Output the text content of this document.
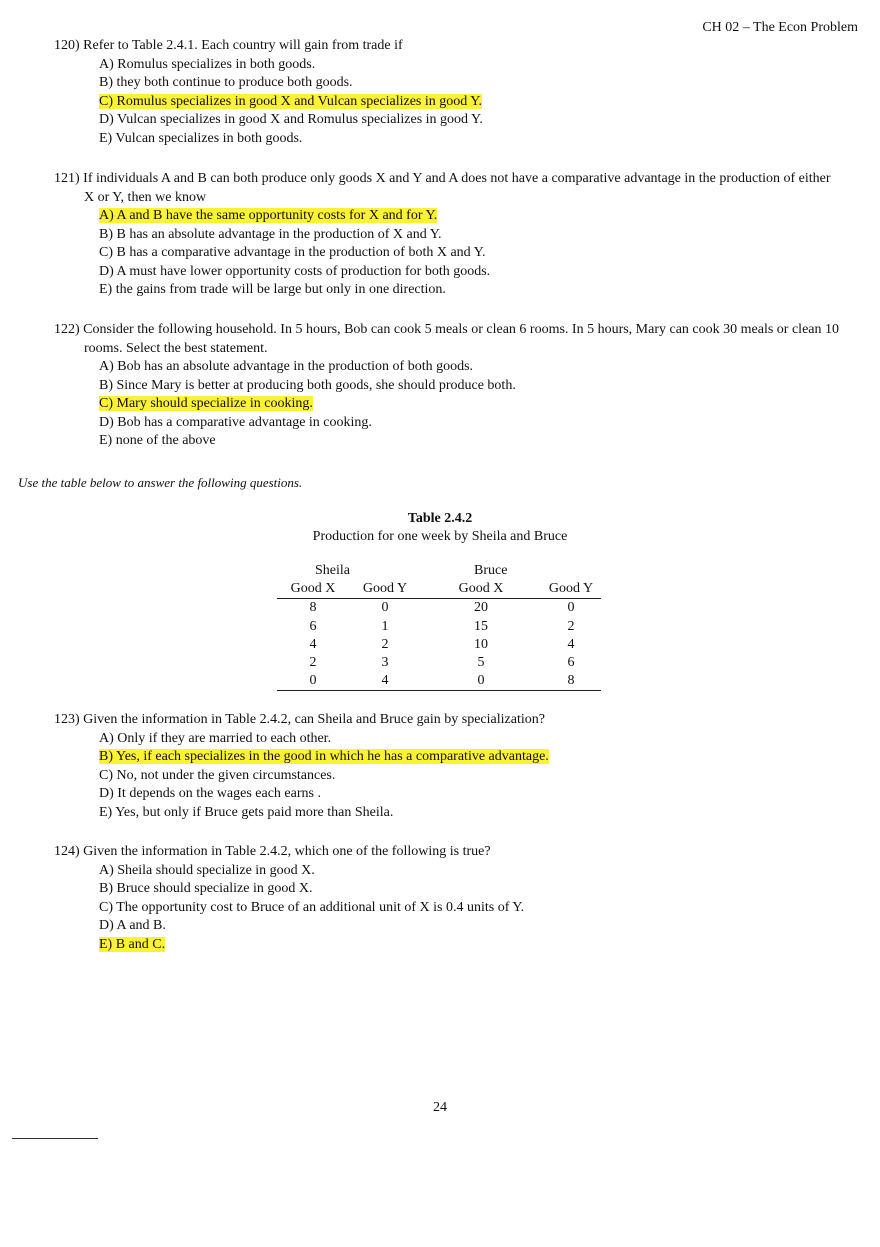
CH 02 – The Econ Problem
120) Refer to Table 2.4.1. Each country will gain from trade if
A) Romulus specializes in both goods.
B) they both continue to produce both goods.
C) Romulus specializes in good X and Vulcan specializes in good Y.
D) Vulcan specializes in good X and Romulus specializes in good Y.
E) Vulcan specializes in both goods.
121) If individuals A and B can both produce only goods X and Y and A does not have a comparative advantage in the production of either X or Y, then we know
A) A and B have the same opportunity costs for X and for Y.
B) B has an absolute advantage in the production of X and Y.
C) B has a comparative advantage in the production of both X and Y.
D) A must have lower opportunity costs of production for both goods.
E) the gains from trade will be large but only in one direction.
122) Consider the following household. In 5 hours, Bob can cook 5 meals or clean 6 rooms. In 5 hours, Mary can cook 30 meals or clean 10 rooms. Select the best statement.
A) Bob has an absolute advantage in the production of both goods.
B) Since Mary is better at producing both goods, she should produce both.
C) Mary should specialize in cooking.
D) Bob has a comparative advantage in cooking.
E) none of the above
Use the table below to answer the following questions.
Table 2.4.2
Production for one week by Sheila and Bruce
Sheila		Bruce	
Good X	Good Y	Good X	Good Y
8	0	20	0
6	1	15	2
4	2	10	4
2	3	5	6
0	4	0	8
123) Given the information in Table 2.4.2, can Sheila and Bruce gain by specialization?
A) Only if they are married to each other.
B) Yes, if each specializes in the good in which he has a comparative advantage.
C) No, not under the given circumstances.
D) It depends on the wages each earns .
E) Yes, but only if Bruce gets paid more than Sheila.
124) Given the information in Table 2.4.2, which one of the following is true?
A) Sheila should specialize in good X.
B) Bruce should specialize in good X.
C) The opportunity cost to Bruce of an additional unit of X is 0.4 units of Y.
D) A and B.
E) B and C.
24
